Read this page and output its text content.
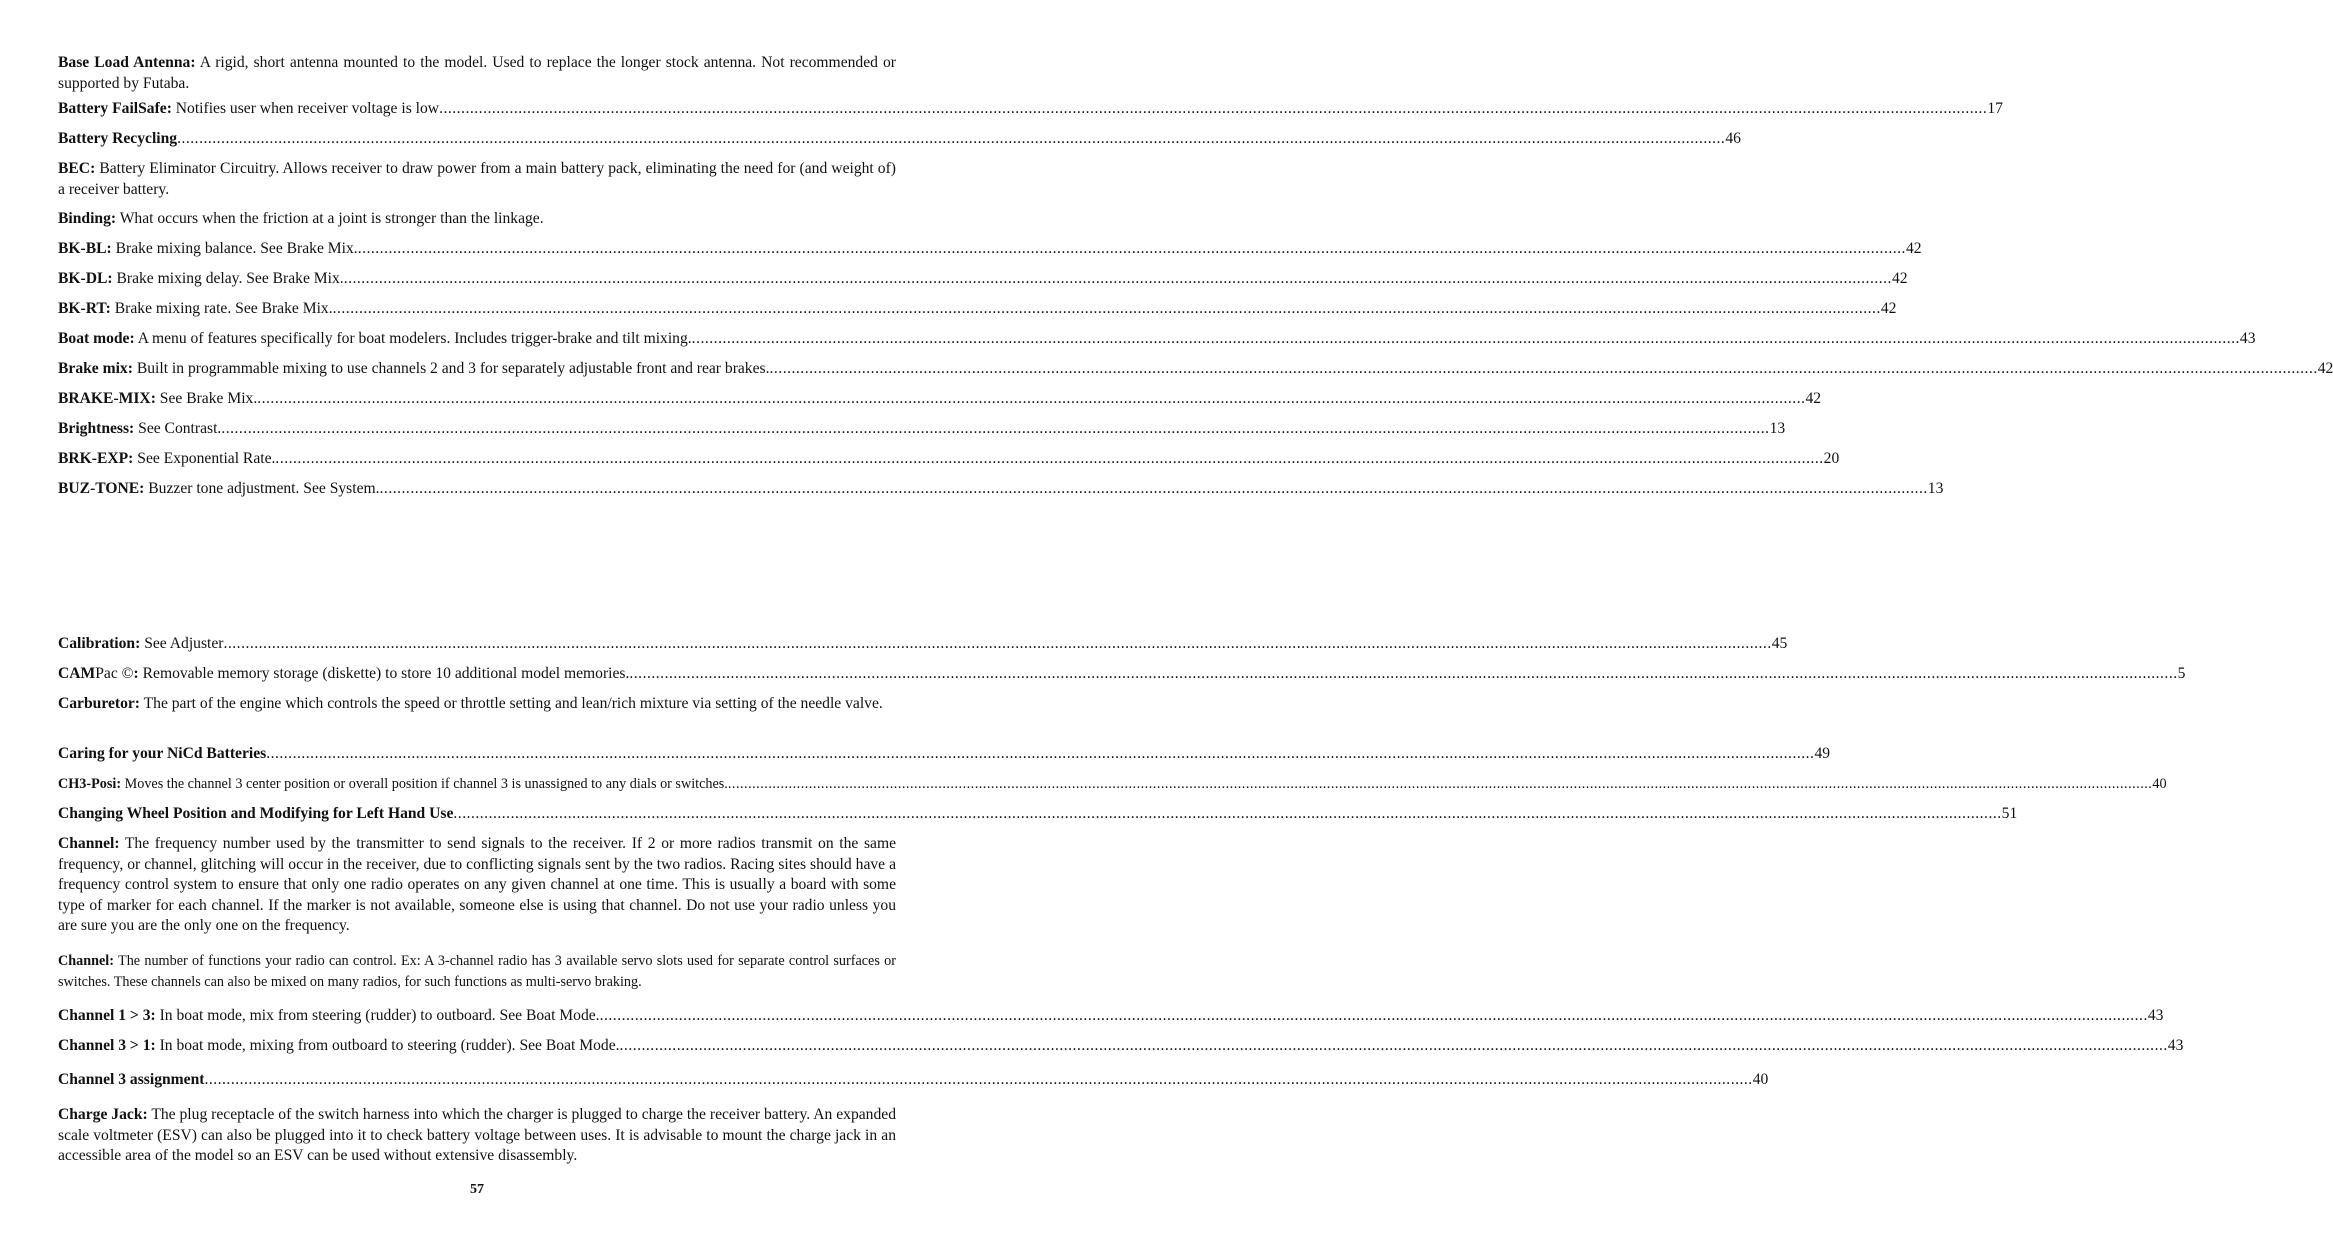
Base Load Antenna: A rigid, short antenna mounted to the model. Used to replace the longer stock antenna. Not recommended or supported by Futaba.
Battery FailSafe: Notifies user when receiver voltage is low .....	17
Battery Recycling .....	46
BEC: Battery Eliminator Circuitry. Allows receiver to draw power from a main battery pack, eliminating the need for (and weight of) a receiver battery.
Binding: What occurs when the friction at a joint is stronger than the linkage.
BK-BL: Brake mixing balance. See Brake Mix. .....	42
BK-DL: Brake mixing delay. See Brake Mix. .....	42
BK-RT: Brake mixing rate. See Brake Mix. .....	42
Boat mode: A menu of features specifically for boat modelers. Includes trigger-brake and tilt mixing. .....	43
Brake mix: Built in programmable mixing to use channels 2 and 3 for separately adjustable front and rear brakes. .....	42
BRAKE-MIX: See Brake Mix. .....	42
Brightness: See Contrast. .....	13
BRK-EXP: See Exponential Rate. .....	20
BUZ-TONE: Buzzer tone adjustment. See System. .....	13
Calibration: See Adjuster .....	45
CAMPac ©: Removable memory storage (diskette) to store 10 additional model memories. .....	5
Carburetor: The part of the engine which controls the speed or throttle setting and lean/rich mixture via setting of the needle valve.
Caring for your NiCd Batteries .....	49
CH3-Posi: Moves the channel 3 center position or overall position if channel 3 is unassigned to any dials or switches. .....	40
Changing Wheel Position and Modifying for Left Hand Use .....	51
Channel: The frequency number used by the transmitter to send signals to the receiver. If 2 or more radios transmit on the same frequency, or channel, glitching will occur in the receiver, due to conflicting signals sent by the two radios. Racing sites should have a frequency control system to ensure that only one radio operates on any given channel at one time. This is usually a board with some type of marker for each channel. If the marker is not available, someone else is using that channel. Do not use your radio unless you are sure you are the only one on the frequency.
Channel: The number of functions your radio can control. Ex: A 3-channel radio has 3 available servo slots used for separate control surfaces or switches. These channels can also be mixed on many radios, for such functions as multi-servo braking.
Channel 1 > 3: In boat mode, mix from steering (rudder) to outboard. See Boat Mode. .....	43
Channel 3 > 1: In boat mode, mixing from outboard to steering (rudder). See Boat Mode. .....	43
Channel 3 assignment .....	40
Charge Jack: The plug receptacle of the switch harness into which the charger is plugged to charge the receiver battery. An expanded scale voltmeter (ESV) can also be plugged into it to check battery voltage between uses. It is advisable to mount the charge jack in an accessible area of the model so an ESV can be used without extensive disassembly.
57
